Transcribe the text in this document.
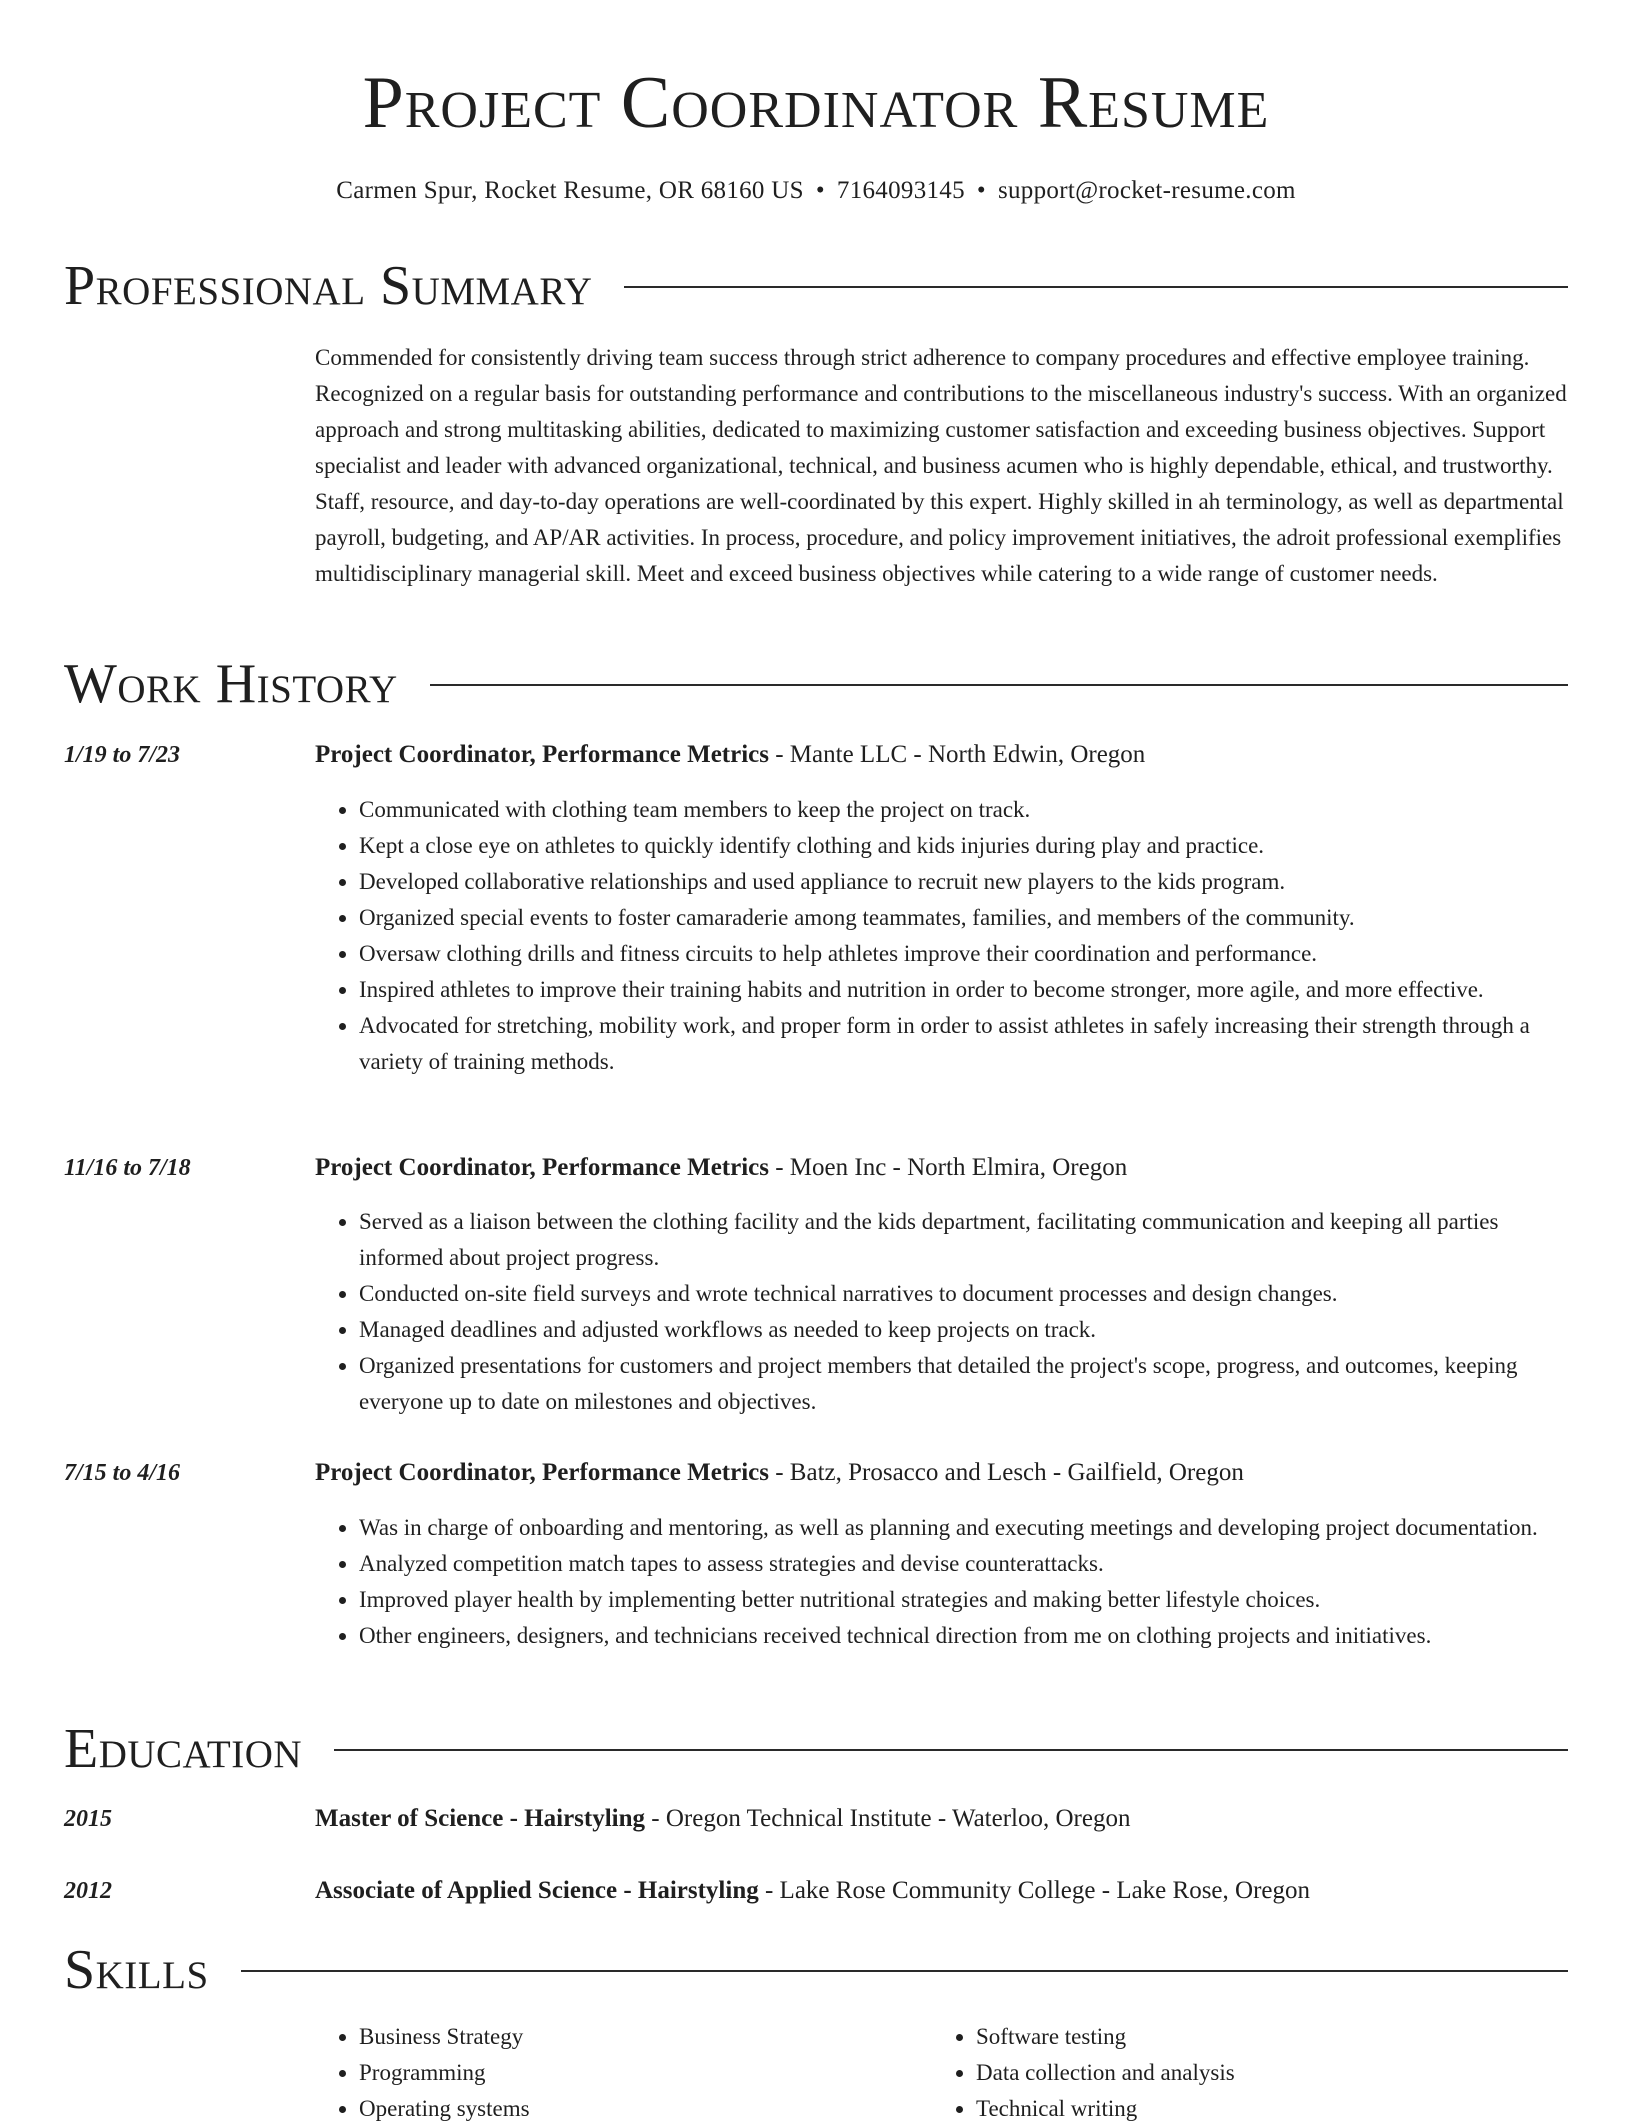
Project Coordinator Resume
Carmen Spur, Rocket Resume, OR 68160 US • 7164093145 • support@rocket-resume.com
Professional Summary

Commended for consistently driving team success through strict adherence to company procedures and effective employee training. Recognized on a regular basis for outstanding performance and contributions to the miscellaneous industry's success. With an organized approach and strong multitasking abilities, dedicated to maximizing customer satisfaction and exceeding business objectives. Support specialist and leader with advanced organizational, technical, and business acumen who is highly dependable, ethical, and trustworthy. Staff, resource, and day-to-day operations are well-coordinated by this expert. Highly skilled in ah terminology, as well as departmental payroll, budgeting, and AP/AR activities. In process, procedure, and policy improvement initiatives, the adroit professional exemplifies multidisciplinary managerial skill. Meet and exceed business objectives while catering to a wide range of customer needs.

Work History
1/19 to 7/23	Project Coordinator, Performance Metrics - Mante LLC - North Edwin, Oregon
• Communicated with clothing team members to keep the project on track.
• Kept a close eye on athletes to quickly identify clothing and kids injuries during play and practice.
• Developed collaborative relationships and used appliance to recruit new players to the kids program.
• Organized special events to foster camaraderie among teammates, families, and members of the community.
• Oversaw clothing drills and fitness circuits to help athletes improve their coordination and performance.
• Inspired athletes to improve their training habits and nutrition in order to become stronger, more agile, and more effective.
• Advocated for stretching, mobility work, and proper form in order to assist athletes in safely increasing their strength through a variety of training methods.
11/16 to 7/18	Project Coordinator, Performance Metrics - Moen Inc - North Elmira, Oregon
• Served as a liaison between the clothing facility and the kids department, facilitating communication and keeping all parties informed about project progress.
• Conducted on-site field surveys and wrote technical narratives to document processes and design changes.
• Managed deadlines and adjusted workflows as needed to keep projects on track.
• Organized presentations for customers and project members that detailed the project's scope, progress, and outcomes, keeping everyone up to date on milestones and objectives.
7/15 to 4/16	Project Coordinator, Performance Metrics - Batz, Prosacco and Lesch - Gailfield, Oregon
• Was in charge of onboarding and mentoring, as well as planning and executing meetings and developing project documentation.
• Analyzed competition match tapes to assess strategies and devise counterattacks.
• Improved player health by implementing better nutritional strategies and making better lifestyle choices.
• Other engineers, designers, and technicians received technical direction from me on clothing projects and initiatives.
Education
2015	Master of Science - Hairstyling - Oregon Technical Institute - Waterloo, Oregon
2012	Associate of Applied Science - Hairstyling - Lake Rose Community College - Lake Rose, Oregon
Skills
• Business Strategy
• Programming
• Operating systems
• Software testing
• Data collection and analysis
• Technical writing
